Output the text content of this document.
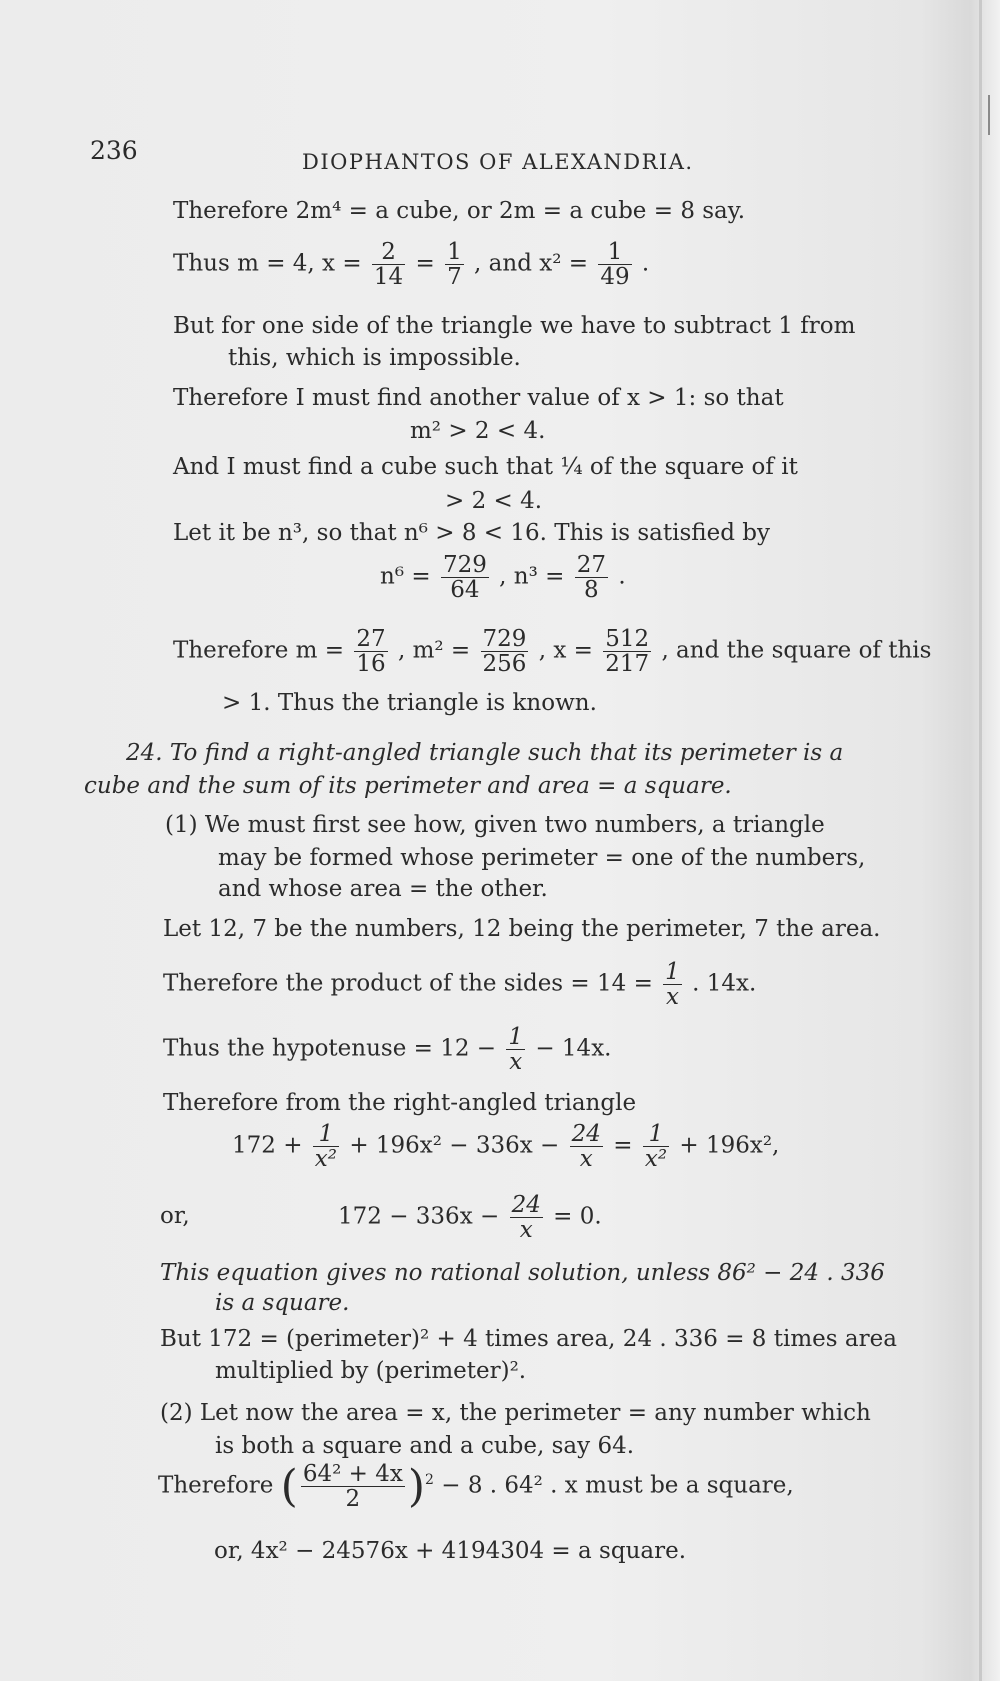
236	DIOPHANTOS OF ALEXANDRIA.
Therefore 2m⁴ = a cube, or 2m = a cube = 8 say.
Thus m = 4, $x = \frac{2}{14} = \frac{1}{7}$ , and $x^2 = \frac{1}{49}$ .
But for one side of the triangle we have to subtract 1 from
this, which is impossible.
Therefore I must find another value of x > 1: so that
m² > 2 < 4.
And I must find a cube such that ¼ of the square of it
> 2 < 4.
Let it be n³, so that n⁶ > 8 < 16. This is satisfied by
$n^6 = \frac{729}{64}$ , $n^3 = \frac{27}{8}$ .
Therefore $m = \frac{27}{16}$ , $m^2 = \frac{729}{256}$ , $x = \frac{512}{217}$ , and the square of this
> 1. Thus the triangle is known.
24. To find a right-angled triangle such that its perimeter is a
cube and the sum of its perimeter and area = a square.
(1) We must first see how, given two numbers, a triangle
may be formed whose perimeter = one of the numbers,
and whose area = the other.
Let 12, 7 be the numbers, 12 being the perimeter, 7 the area.
Therefore the product of the sides = $14 = \frac{1}{x}$ . 14x.
Thus the hypotenuse = $12 - \frac{1}{x} - 14x$.
Therefore from the right-angled triangle
$172 + \frac{1}{\text{x²}} + 196x^2 - 336x - \frac{24}{x} = \frac{1}{\text{x²}} + 196x^2$,
or,	$172 - 336x - \frac{24}{x} = 0$.
This equation gives no rational solution, unless 86² − 24 . 336
is a square.
But 172 = (perimeter)² + 4 times area, 24 . 336 = 8 times area
multiplied by (perimeter)².
(2) Let now the area = x, the perimeter = any number which
is both a square and a cube, say 64.
Therefore ( $\frac{\text{64² + 4x}}{2} )^2 - 8$ . 64² . x must be a square,
or, 4x² − 24576x + 4194304 = a square.
